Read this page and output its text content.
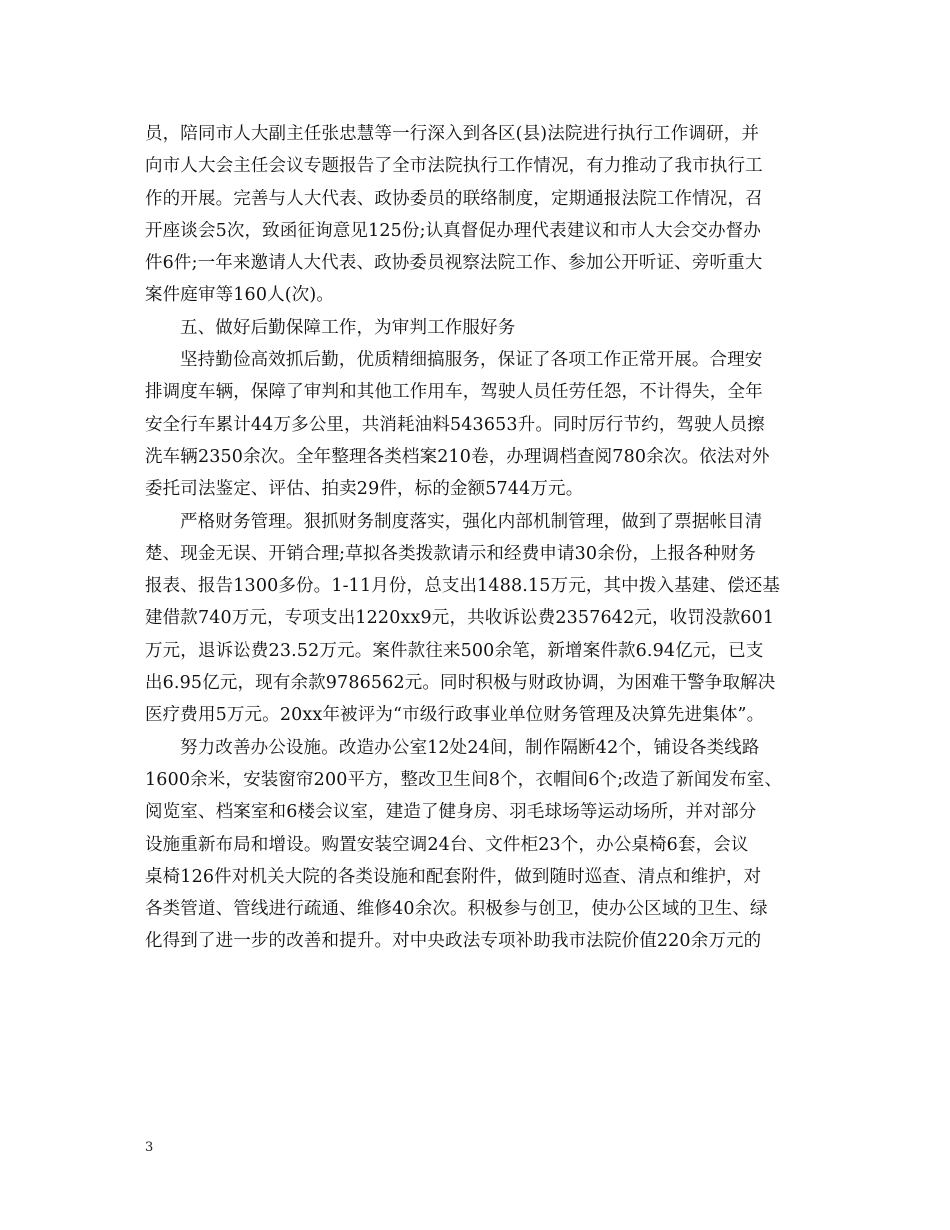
员，陪同市人大副主任张忠慧等一行深入到各区(县)法院进行执行工作调研，并
向市人大会主任会议专题报告了全市法院执行工作情况，有力推动了我市执行工
作的开展。完善与人大代表、政协委员的联络制度，定期通报法院工作情况，召
开座谈会5次，致函征询意见125份;认真督促办理代表建议和市人大会交办督办
件6件;一年来邀请人大代表、政协委员视察法院工作、参加公开听证、旁听重大
案件庭审等160人(次)。
五、做好后勤保障工作，为审判工作服好务
坚持勤俭高效抓后勤，优质精细搞服务，保证了各项工作正常开展。合理安
排调度车辆，保障了审判和其他工作用车，驾驶人员任劳任怨，不计得失，全年
安全行车累计44万多公里，共消耗油料543653升。同时厉行节约，驾驶人员擦
洗车辆2350余次。全年整理各类档案210卷，办理调档查阅780余次。依法对外
委托司法鉴定、评估、拍卖29件，标的金额5744万元。
严格财务管理。狠抓财务制度落实，强化内部机制管理，做到了票据帐目清
楚、现金无误、开销合理;草拟各类拨款请示和经费申请30余份，上报各种财务
报表、报告1300多份。1-11月份，总支出1488.15万元，其中拨入基建、偿还基
建借款740万元，专项支出1220xx9元，共收诉讼费2357642元，收罚没款601
万元，退诉讼费23.52万元。案件款往来500余笔，新增案件款6.94亿元，已支
出6.95亿元，现有余款9786562元。同时积极与财政协调，为困难干警争取解决
医疗费用5万元。20xx年被评为“市级行政事业单位财务管理及决算先进集体”。
努力改善办公设施。改造办公室12处24间，制作隔断42个，铺设各类线路
1600余米，安装窗帘200平方，整改卫生间8个，衣帽间6个;改造了新闻发布室、
阅览室、档案室和6楼会议室，建造了健身房、羽毛球场等运动场所，并对部分
设施重新布局和增设。购置安装空调24台、文件柜23个，办公桌椅6套，会议
桌椅126件对机关大院的各类设施和配套附件，做到随时巡查、清点和维护，对
各类管道、管线进行疏通、维修40余次。积极参与创卫，使办公区域的卫生、绿
化得到了进一步的改善和提升。对中央政法专项补助我市法院价值220余万元的
3
